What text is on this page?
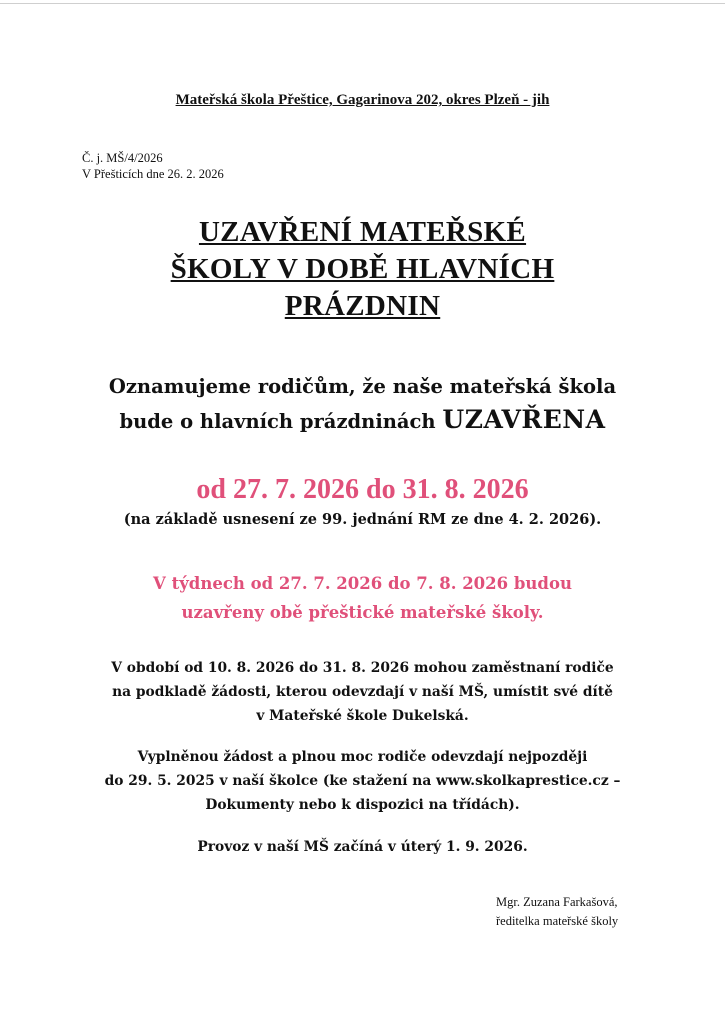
Mateřská škola Přeštice, Gagarinova 202, okres Plzeň - jih
Č. j. MŠ/4/2026
V Přešticích dne 26. 2. 2026
UZAVŘENÍ MATEŘSKÉ
ŠKOLY V DOBĚ HLAVNÍCH
PRÁZDNIN
Oznamujeme rodičům, že naše mateřská škola
bude o hlavních prázdninách UZAVŘENA
od 27. 7. 2026 do 31. 8. 2026
(na základě usnesení ze 99. jednání RM ze dne 4. 2. 2026).
V týdnech od 27. 7. 2026 do 7. 8. 2026 budou
uzavřeny obě přeštické mateřské školy.
V období od 10. 8. 2026 do 31. 8. 2026 mohou zaměstnaní rodiče
na podkladě žádosti, kterou odevzdají v naší MŠ, umístit své dítě
v Mateřské škole Dukelská.
Vyplněnou žádost a plnou moc rodiče odevzdají nejpozději
do 29. 5. 2025 v naší školce (ke stažení na www.skolkaprestice.cz –
Dokumenty nebo k dispozici na třídách).
Provoz v naší MŠ začíná v úterý 1. 9. 2026.
Mgr. Zuzana Farkašová,
ředitelka mateřské školy
